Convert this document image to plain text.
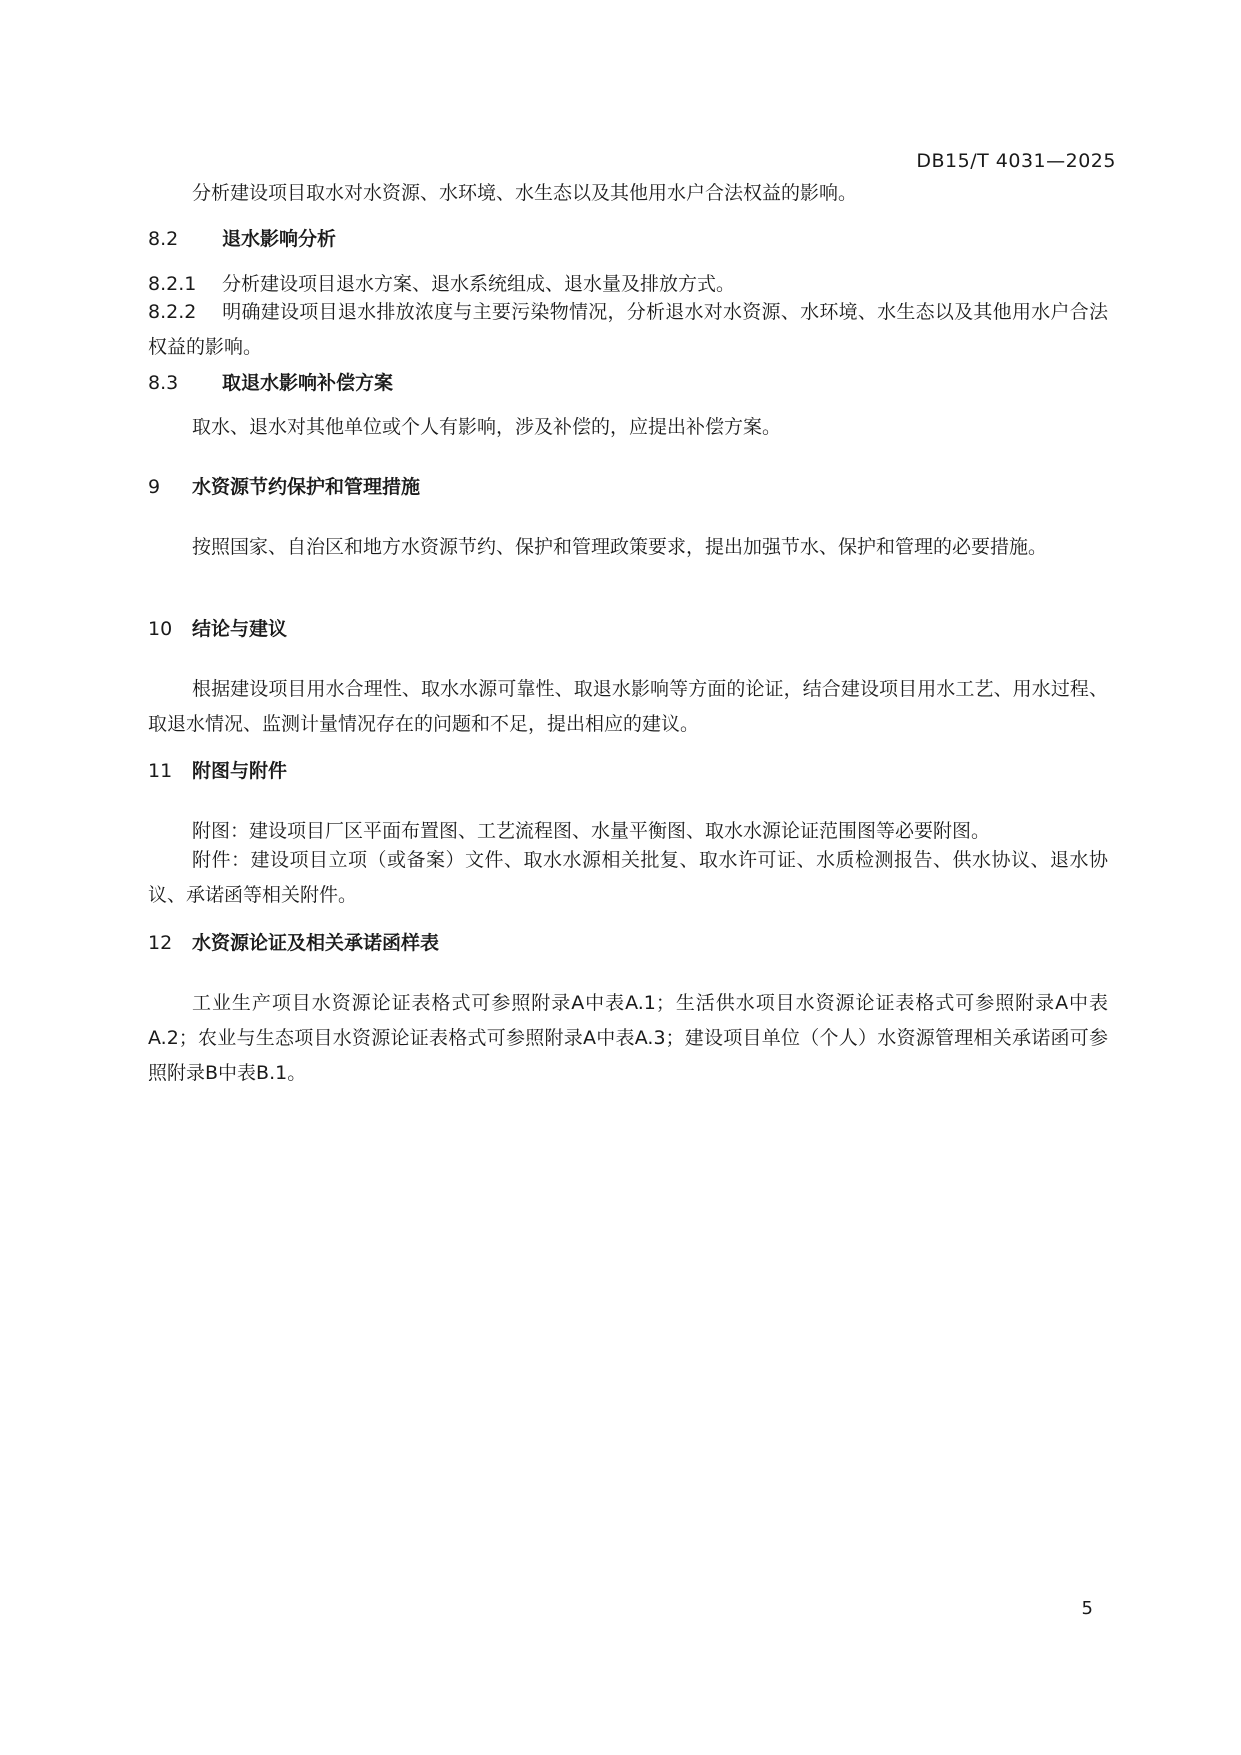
DB15/T 4031—2025
分析建设项目取水对水资源、水环境、水生态以及其他用水户合法权益的影响。
8.2 退水影响分析
8.2.1 分析建设项目退水方案、退水系统组成、退水量及排放方式。
8.2.2 明确建设项目退水排放浓度与主要污染物情况，分析退水对水资源、水环境、水生态以及其他用水户合法权益的影响。
8.3 取退水影响补偿方案
取水、退水对其他单位或个人有影响，涉及补偿的，应提出补偿方案。
9 水资源节约保护和管理措施
按照国家、自治区和地方水资源节约、保护和管理政策要求，提出加强节水、保护和管理的必要措施。
10 结论与建议
根据建设项目用水合理性、取水水源可靠性、取退水影响等方面的论证，结合建设项目用水工艺、用水过程、取退水情况、监测计量情况存在的问题和不足，提出相应的建议。
11 附图与附件
附图：建设项目厂区平面布置图、工艺流程图、水量平衡图、取水水源论证范围图等必要附图。
附件：建设项目立项（或备案）文件、取水水源相关批复、取水许可证、水质检测报告、供水协议、退水协议、承诺函等相关附件。
12 水资源论证及相关承诺函样表
工业生产项目水资源论证表格式可参照附录A中表A.1；生活供水项目水资源论证表格式可参照附录A中表A.2；农业与生态项目水资源论证表格式可参照附录A中表A.3；建设项目单位（个人）水资源管理相关承诺函可参照附录B中表B.1。
5
